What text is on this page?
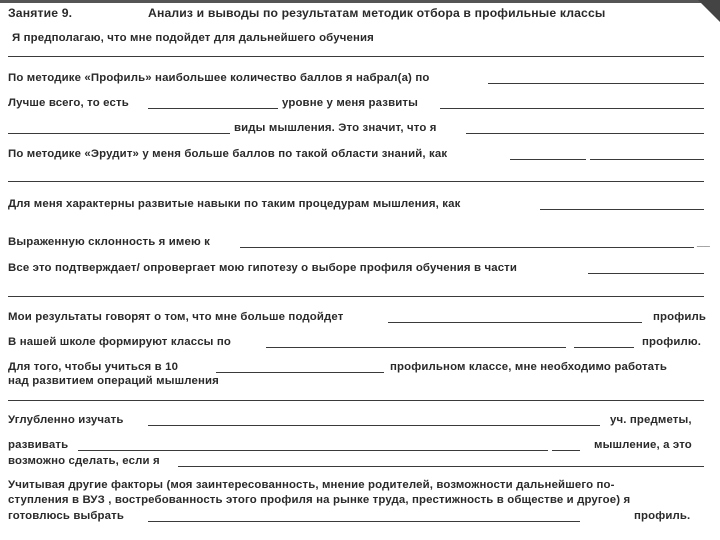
Занятие 9.	Анализ и выводы по результатам методик отбора в профильные классы
Я предполагаю, что мне подойдет для дальнейшего обучения
По методике «Профиль» наибольшее количество баллов я набрал(а) по
Лучше всего, то есть	уровне у меня развиты
виды мышления. Это значит, что я
По методике «Эрудит» у меня больше баллов по такой области знаний, как
Для меня характерны развитые навыки по таким процедурам мышления, как
Выраженную склонность я имею к	__
Все это подтверждает/ опровергает мою гипотезу о выборе профиля обучения в части
Мои результаты говорят о том, что мне больше подойдет	профиль
В нашей школе формируют классы по	профилю.
Для того, чтобы учиться в 10	профильном классе, мне необходимо работать
над развитием операций мышления
Углубленно изучать	уч. предметы,
развивать	мышление, а это
возможно сделать, если я
Учитывая другие факторы (моя заинтересованность, мнение родителей, возможности дальнейшего по-
ступления в ВУЗ , востребованность этого профиля на рынке труда, престижность в обществе и другое) я
готовлюсь выбрать	профиль.
